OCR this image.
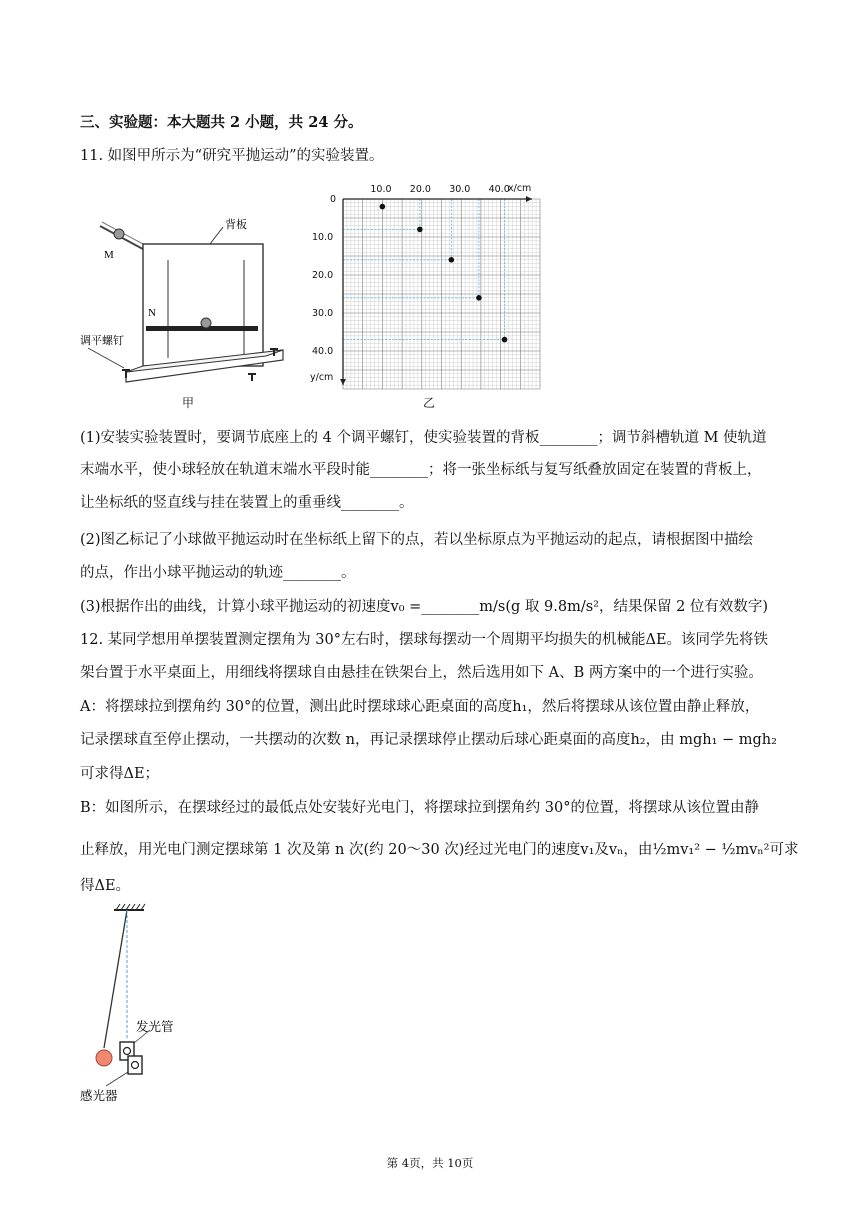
三、实验题：本大题共 2 小题，共 24 分。
11. 如图甲所示为“研究平抛运动”的实验装置。
背板
M
N
调平螺钉
甲
0
x/cm
y/cm
10.0 20.0 30.0 40.0
10.0
20.0
30.0
40.0
乙
(1)安装实验装置时，要调节底座上的 4 个调平螺钉，使实验装置的背板________；调节斜槽轨道 M 使轨道
末端水平，使小球轻放在轨道末端水平段时能________；将一张坐标纸与复写纸叠放固定在装置的背板上，
让坐标纸的竖直线与挂在装置上的重垂线________。
(2)图乙标记了小球做平抛运动时在坐标纸上留下的点，若以坐标原点为平抛运动的起点，请根据图中描绘
的点，作出小球平抛运动的轨迹________。
(3)根据作出的曲线，计算小球平抛运动的初速度v₀ =________m/s(g 取 9.8m/s²，结果保留 2 位有效数字)
12. 某同学想用单摆装置测定摆角为 30°左右时，摆球每摆动一个周期平均损失的机械能ΔE。该同学先将铁
架台置于水平桌面上，用细线将摆球自由悬挂在铁架台上，然后选用如下 A、B 两方案中的一个进行实验。
A：将摆球拉到摆角约 30°的位置，测出此时摆球球心距桌面的高度h₁，然后将摆球从该位置由静止释放，
记录摆球直至停止摆动，一共摆动的次数 n，再记录摆球停止摆动后球心距桌面的高度h₂，由 mgh₁ − mgh₂
可求得ΔE；
B：如图所示，在摆球经过的最低点处安装好光电门，将摆球拉到摆角约 30°的位置，将摆球从该位置由静
止释放，用光电门测定摆球第 1 次及第 n 次(约 20～30 次)经过光电门的速度v₁及vₙ，由½mv₁² − ½mvₙ²可求
得ΔE。
发光管
感光器
第 4页，共 10页
